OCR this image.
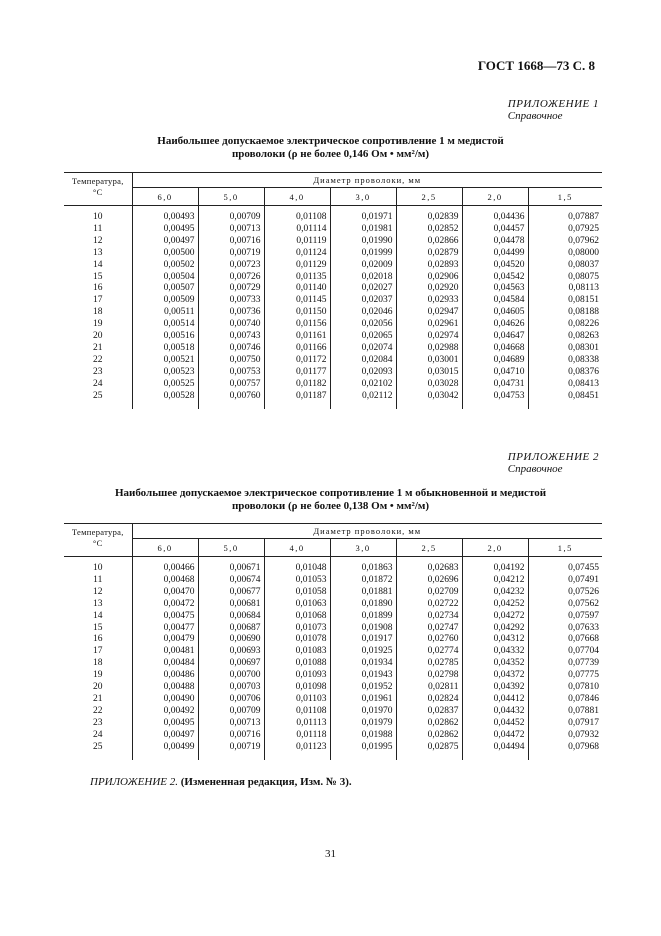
ГОСТ 1668—73 С. 8
ПРИЛОЖЕНИЕ 1
Справочное
Наибольшее допускаемое электрическое сопротивление 1 м медистой
проволоки (ρ не более 0,146 Ом • мм²/м)
Температура,
°С	Диаметр проволоки, мм						
	6,0	5,0	4,0	3,0	2,5	2,0	1,5

10	0,00493	0,00709	0,01108	0,01971	0,02839	0,04436	0,07887
11	0,00495	0,00713	0,01114	0,01981	0,02852	0,04457	0,07925
12	0,00497	0,00716	0,01119	0,01990	0,02866	0,04478	0,07962
13	0,00500	0,00719	0,01124	0,01999	0,02879	0,04499	0,08000
14	0,00502	0,00723	0,01129	0,02009	0,02893	0,04520	0,08037
15	0,00504	0,00726	0,01135	0,02018	0,02906	0,04542	0,08075
16	0,00507	0,00729	0,01140	0,02027	0,02920	0,04563	0,08113
17	0,00509	0,00733	0,01145	0,02037	0,02933	0,04584	0,08151
18	0,00511	0,00736	0,01150	0,02046	0,02947	0,04605	0,08188
19	0,00514	0,00740	0,01156	0,02056	0,02961	0,04626	0,08226
20	0,00516	0,00743	0,01161	0,02065	0,02974	0,04647	0,08263
21	0,00518	0,00746	0,01166	0,02074	0,02988	0,04668	0,08301
22	0,00521	0,00750	0,01172	0,02084	0,03001	0,04689	0,08338
23	0,00523	0,00753	0,01177	0,02093	0,03015	0,04710	0,08376
24	0,00525	0,00757	0,01182	0,02102	0,03028	0,04731	0,08413
25	0,00528	0,00760	0,01187	0,02112	0,03042	0,04753	0,08451

ПРИЛОЖЕНИЕ 2
Справочное
Наибольшее допускаемое электрическое сопротивление 1 м обыкновенной и медистой
проволоки (ρ не более 0,138 Ом • мм²/м)
Температура,
°С	Диаметр проволоки, мм						
	6,0	5,0	4,0	3,0	2,5	2,0	1,5

10	0,00466	0,00671	0,01048	0,01863	0,02683	0,04192	0,07455
11	0,00468	0,00674	0,01053	0,01872	0,02696	0,04212	0,07491
12	0,00470	0,00677	0,01058	0,01881	0,02709	0,04232	0,07526
13	0,00472	0,00681	0,01063	0,01890	0,02722	0,04252	0,07562
14	0,00475	0,00684	0,01068	0,01899	0,02734	0,04272	0,07597
15	0,00477	0,00687	0,01073	0,01908	0,02747	0,04292	0,07633
16	0,00479	0,00690	0,01078	0,01917	0,02760	0,04312	0,07668
17	0,00481	0,00693	0,01083	0,01925	0,02774	0,04332	0,07704
18	0,00484	0,00697	0,01088	0,01934	0,02785	0,04352	0,07739
19	0,00486	0,00700	0,01093	0,01943	0,02798	0,04372	0,07775
20	0,00488	0,00703	0,01098	0,01952	0,02811	0,04392	0,07810
21	0,00490	0,00706	0,01103	0,01961	0,02824	0,04412	0,07846
22	0,00492	0,00709	0,01108	0,01970	0,02837	0,04432	0,07881
23	0,00495	0,00713	0,01113	0,01979	0,02862	0,04452	0,07917
24	0,00497	0,00716	0,01118	0,01988	0,02862	0,04472	0,07932
25	0,00499	0,00719	0,01123	0,01995	0,02875	0,04494	0,07968

ПРИЛОЖЕНИЕ 2. (Измененная редакция, Изм. № 3).
31
